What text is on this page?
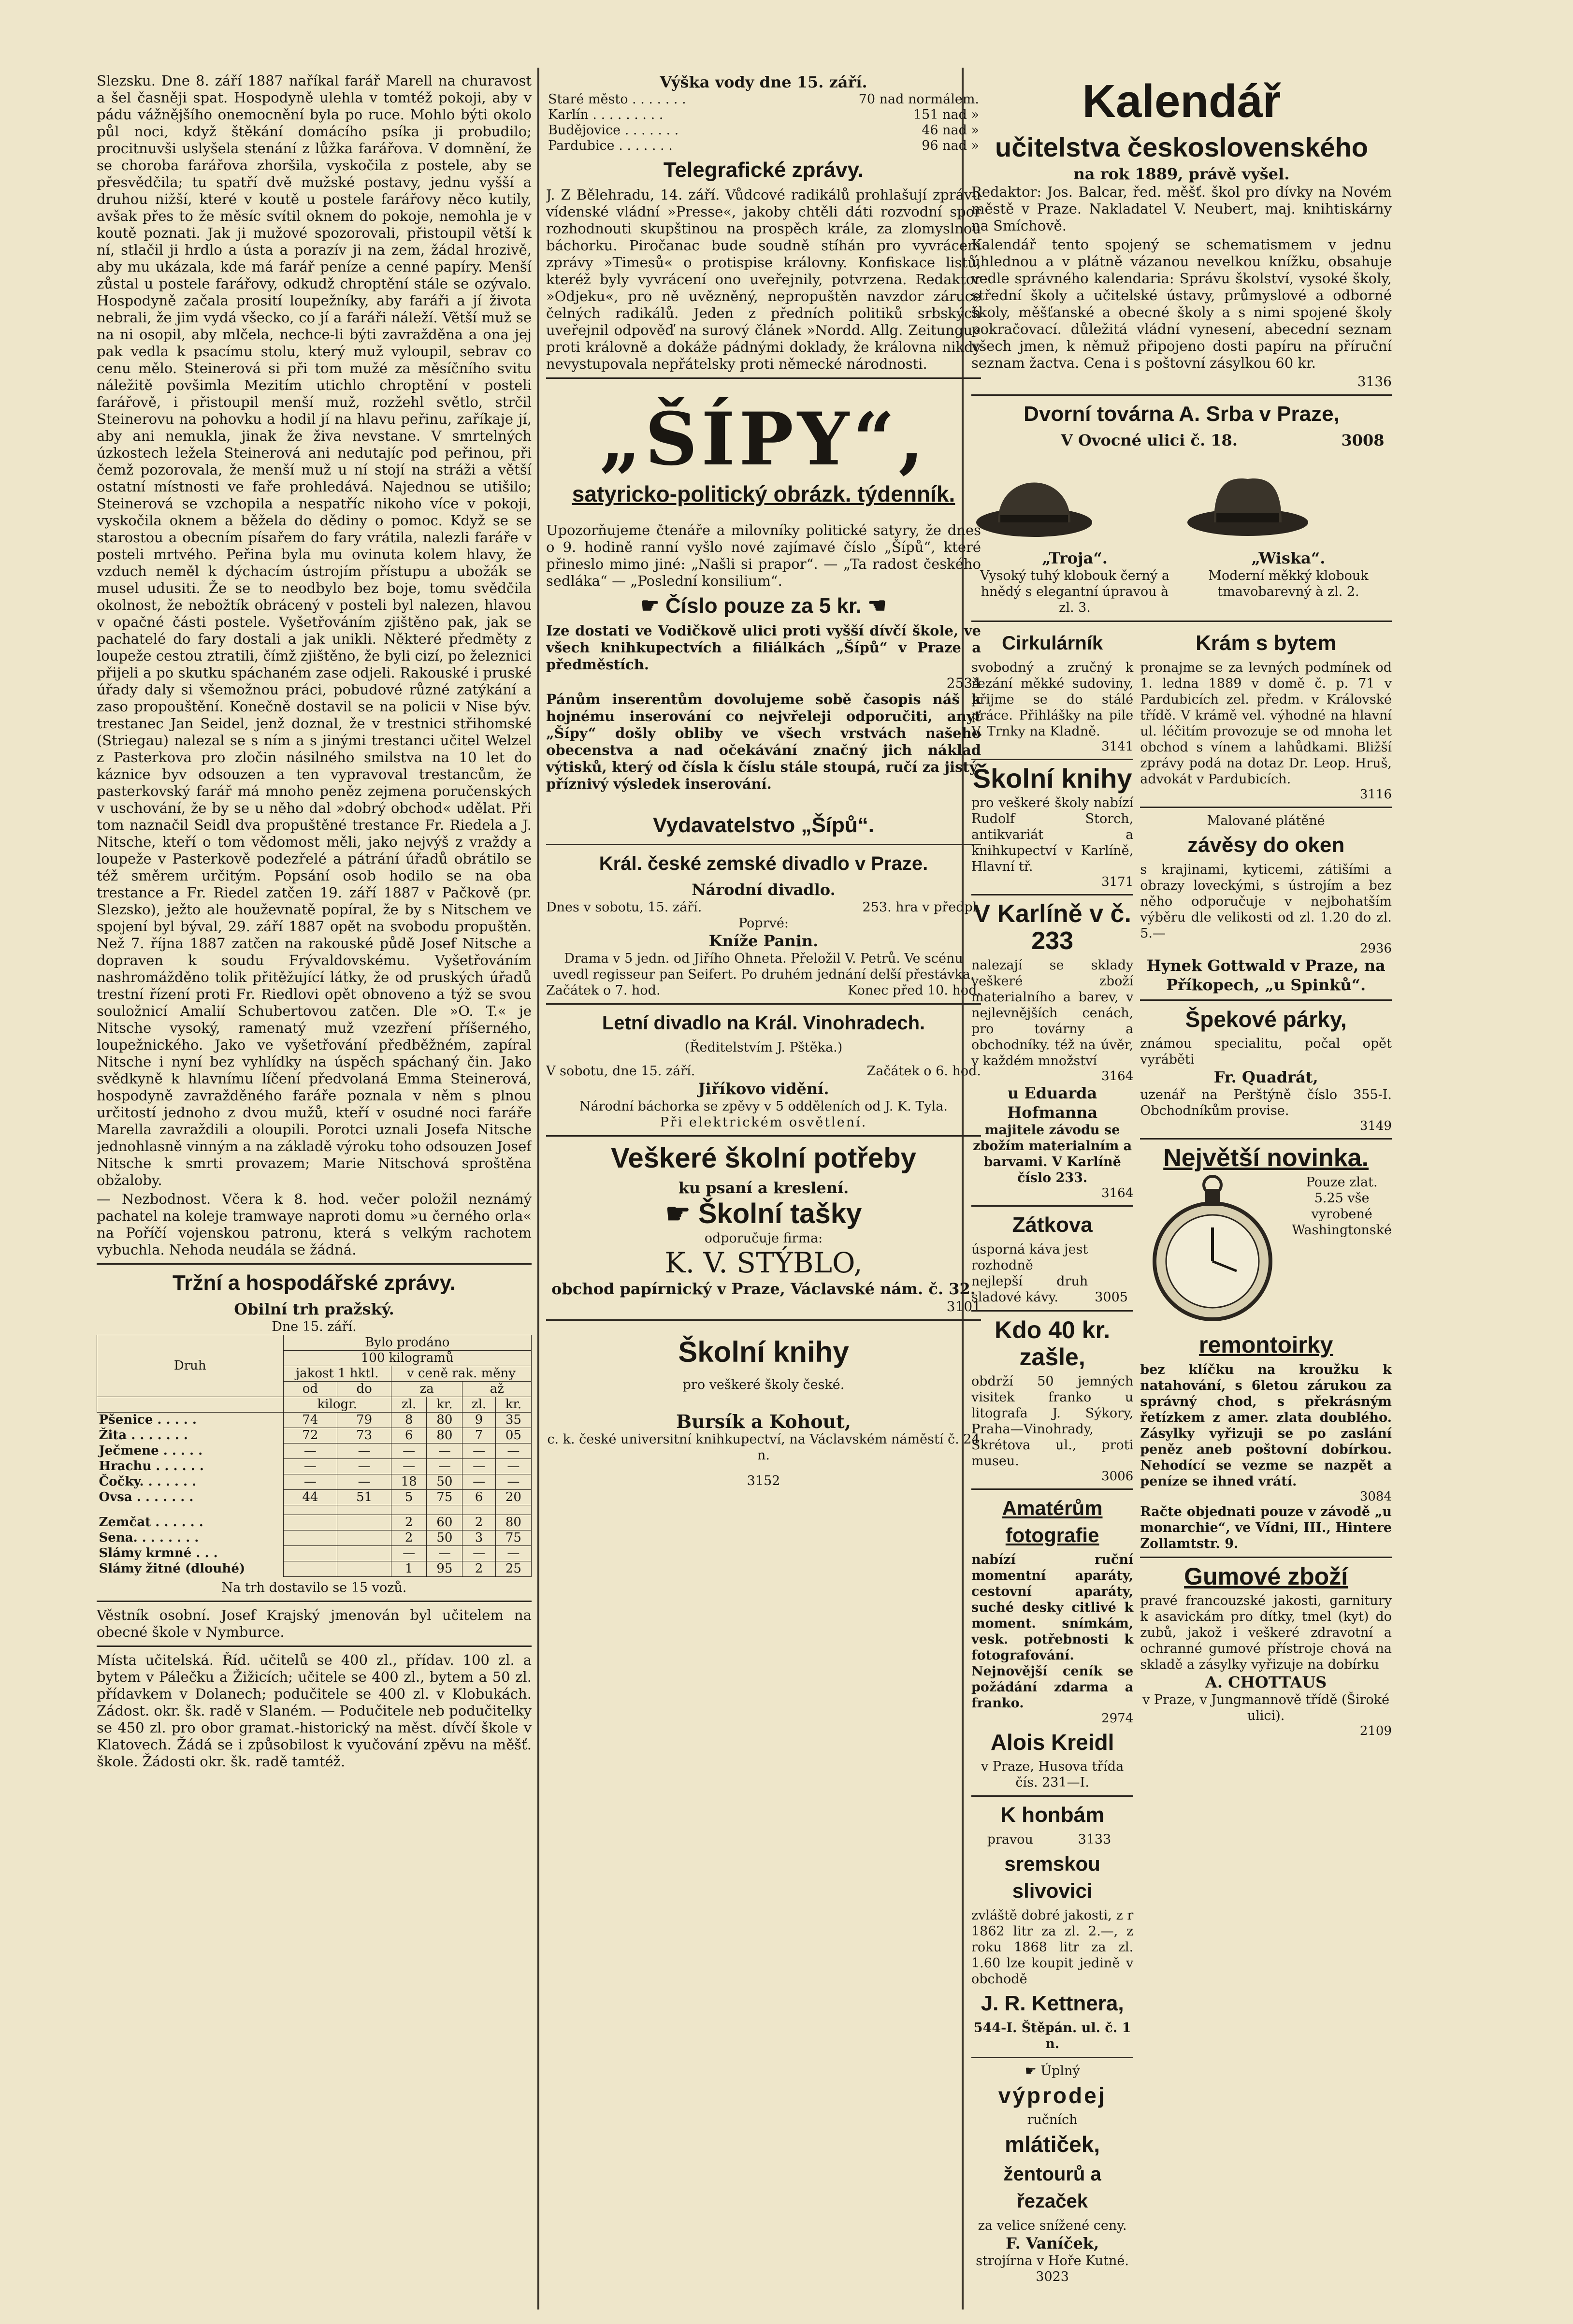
Slezsku. Dne 8. září 1887 naříkal farář Marell na churavost a šel časněji spat. Hospodyně ulehla v tomtéž pokoji, aby v pádu vážnějšího onemocnění byla po ruce. Mohlo býti okolo půl noci, když štěkání domácího psíka ji probudilo; procitnuvši uslyšela stenání z lůžka farářova. V domnění, že se choroba farářova zhoršila, vyskočila z postele, aby se přesvědčila; tu spatří dvě mužské postavy, jednu vyšší a druhou nižší, které v koutě u postele farářovy něco kutily, avšak přes to že měsíc svítil oknem do pokoje, nemohla je v koutě poznati. Jak ji mužové spozorovali, přistoupil větší k ní, stlačil ji hrdlo a ústa a porazív ji na zem, žádal hrozivě, aby mu ukázala, kde má farář peníze a cenné papíry. Menší zůstal u postele farářovy, odkudž chroptění stále se ozývalo. Hospodyně začala prosití loupežníky, aby faráři a jí života nebrali, že jim vydá všecko, co jí a faráři náleží. Větší muž se na ni osopil, aby mlčela, nechce-li býti zavražděna a ona jej pak vedla k psacímu stolu, který muž vyloupil, sebrav co cenu mělo. Steinerová si při tom mužé za měsíčního svitu náležitě povšimla Mezitím utichlo chroptění v posteli farářově, i přistoupil menší muž, rozžehl světlo, strčil Steinerovu na pohovku a hodil jí na hlavu peřinu, zaříkaje jí, aby ani nemukla, jinak že živa nevstane. V smrtelných úzkostech ležela Steinerová ani nedutajíc pod peřinou, při čemž pozorovala, že menší muž u ní stojí na stráži a větší ostatní místnosti ve faře prohledává. Najednou se utišilo; Steinerová se vzchopila a nespatříc nikoho více v pokoji, vyskočila oknem a běžela do dědiny o pomoc. Když se se starostou a obecním písařem do fary vrátila, nalezli faráře v posteli mrtvého. Peřina byla mu ovinuta kolem hlavy, že vzduch neměl k dýchacím ústrojím přístupu a ubožák se musel udusiti. Že se to neodbylo bez boje, tomu svědčila okolnost, že nebožtík obrácený v posteli byl nalezen, hlavou v opačné části postele. Vyšetřováním zjištěno pak, jak se pachatelé do fary dostali a jak unikli. Některé předměty z loupeže cestou ztratili, čímž zjištěno, že byli cizí, po železnici přijeli a po skutku spáchaném zase odjeli. Rakouské i pruské úřady daly si všemožnou práci, pobudové různé zatýkání a zaso propouštění. Konečně dostavil se na policii v Nise býv. trestanec Jan Seidel, jenž doznal, že v trestnici střihomské (Striegau) nalezal se s ním a s jinými trestanci učitel Welzel z Pasterkova pro zločin násilného smilstva na 10 let do káznice byv odsouzen a ten vypravoval trestancům, že pasterkovský farář má mnoho peněz zejmena poručenských v uschování, že by se u něho dal »dobrý obchod« udělat. Při tom naznačil Seidl dva propuštěné trestance Fr. Riedela a J. Nitsche, kteří o tom vědomost měli, jako nejvýš z vraždy a loupeže v Pasterkově podezřelé a pátrání úřadů obrátilo se též směrem určitým. Popsání osob hodilo se na oba trestance a Fr. Riedel zatčen 19. září 1887 v Pačkově (pr. Slezsko), ježto ale houževnatě popíral, že by s Nitschem ve spojení byl býval, 29. září 1887 opět na svobodu propuštěn. Než 7. října 1887 zatčen na rakouské půdě Josef Nitsche a dopraven k soudu Frývaldovskému. Vyšetřováním nashromážděno tolik přitěžující látky, že od pruských úřadů trestní řízení proti Fr. Riedlovi opět obnoveno a týž se svou souložnicí Amalií Schubertovou zatčen. Dle »O. T.« je Nitsche vysoký, ramenatý muž vzezření příšerného, loupežnického. Jako ve vyšetřování předběžném, zapíral Nitsche i nyní bez vyhlídky na úspěch spáchaný čin. Jako svědkyně k hlavnímu líčení předvolaná Emma Steinerová, hospodyně zavražděného faráře poznala v něm s plnou určitostí jednoho z dvou mužů, kteří v osudné noci faráře Marella zavraždili a oloupili. Porotci uznali Josefa Nitsche jednohlasně vinným a na základě výroku toho odsouzen Josef Nitsche k smrti provazem; Marie Nitschová sproštěna obžaloby.

— Nezbodnost. Včera k 8. hod. večer položil neznámý pachatel na koleje tramwaye naproti domu »u černého orla« na Poříčí vojenskou patronu, která s velkým rachotem vybuchla. Nehoda neudála se žádná.

Tržní a hospodářské zprávy.
Obilní trh pražský.
Dne 15. září.
Druh	Bylo prodáno					
	100 kilogramů					
	jakost 1 hktl.		v ceně rak. měny			
	od	do	za		až	
	kilogr.		zl.	kr.	zl.	kr.
Pšenice . . . . .	74	79	8	80	9	35
Žita . . . . . . .	72	73	6	80	7	05
Ječmene . . . . .	—	—	—	—	—	—
Hrachu . . . . . .	—	—	—	—	—	—
Čočky. . . . . . .	—	—	18	50	—	—
Ovsa . . . . . . .	44	51	5	75	6	20

Zemčat . . . . . .			2	60	2	80
Sena. . . . . . . .			2	50	3	75
Slámy krmné . . .			—	—	—	—
Slámy žitné (dlouhé)			1	95	2	25
Na trh dostavilo se 15 vozů.

Věstník osobní. Josef Krajský jmenován byl učitelem na obecné škole v Nymburce.

Místa učitelská. Říd. učitelů se 400 zl., přídav. 100 zl. a bytem v Pálečku a Žižicích; učitele se 400 zl., bytem a 50 zl. přídavkem v Dolanech; podučitele se 400 zl. v Klobukách. Zádost. okr. šk. radě v Slaném. — Podučitele neb podučitelky se 450 zl. pro obor gramat.-historický na měst. dívčí škole v Klatovech. Žádá se i způsobilost k vyučování zpěvu na měšť. škole. Žádosti okr. šk. radě tamtéž.

Výška vody dne 15. září.
Staré město . . . . . . .	70 nad normálem.
Karlín . . . . . . . . .	151 nad »
Budějovice . . . . . . .	46 nad »
Pardubice . . . . . . .	96 nad »
Telegrafické zprávy.

J. Z Bělehradu, 14. září. Vůdcové radikálů prohlašují zprávu vídenské vládní »Presse«, jakoby chtěli dáti rozvodní spor rozhodnouti skupštinou na prospěch krále, za zlomyslnou báchorku. Piročanac bude soudně stíhán pro vyvrácení zprávy »Timesů« o protispise královny. Konfiskace listů, kteréž byly vyvrácení ono uveřejnily, potvrzena. Redaktor »Odjeku«, pro ně uvězněný, nepropuštěn navzdor záruce čelných radikálů. Jeden z předních politiků srbských uveřejnil odpověď na surový článek »Nordd. Allg. Zeitungu« proti královně a dokáže pádnými doklady, že královna nikdy nevystupovala nepřátelsky proti německé národnosti.

„ŠÍPY“,
satyricko-politický obrázk. týdenník.

Upozorňujeme čtenáře a milovníky politické satyry, že dnes o 9. hodině ranní vyšlo nové zajímavé číslo „Šípů“, které přineslo mimo jiné: „Našli si prapor“. — „Ta radost českého sedláka“ — „Poslední konsilium“.

☛ Číslo pouze za 5 kr. ☚

Ize dostati ve Vodičkově ulici proti vyšší dívčí škole, ve všech knihkupectvích a filiálkách „Šípů“ v Praze a předměstích.

2534

Pánům inserentům dovolujeme sobě časopis náš k hojnému inserování co nejvřeleji odporučiti, anyť „Šípy“ došly obliby ve všech vrstvách našeho obecenstva a nad očekávání značný jich náklad výtisků, který od čísla k číslu stále stoupá, ručí za jistý, příznivý výsledek inserování.

Vydavatelstvo „Šípů“.
Král. české zemské divadlo v Praze.
Národní divadlo.
Dnes v sobotu, 15. září.	253. hra v předpl.
Poprvé:
Kníže Panin.
Drama v 5 jedn. od Jiřího Ohneta. Přeložil V. Petrů. Ve scénu uvedl regisseur pan Seifert. Po druhém jednání delší přestávka.
Začátek o 7. hod.	Konec před 10. hod.
Letní divadlo na Král. Vinohradech.
(Ředitelstvím J. Pštěka.)
V sobotu, dne 15. září.	Začátek o 6. hod.
Jiříkovo vidění.
Národní báchorka se zpěvy v 5 odděleních od J. K. Tyla.
Při elektrickém osvětlení.
Veškeré školní potřeby
ku psaní a kreslení.
☛ Školní tašky
odporučuje firma:
K. V. STÝBLO,
obchod papírnický v Praze, Václavské nám. č. 32.
3101
Školní knihy
pro veškeré školy české.
Bursík a Kohout,
c. k. české universitní knihkupectví, na Václavském náměstí č. 24 n.
3152
Kalendář
učitelstva československého
na rok 1889, právě vyšel.

Redaktor: Jos. Balcar, řed. měšť. škol pro dívky na Novém městě v Praze. Nakladatel V. Neubert, maj. knihtiskárny na Smíchově.

Kalendář tento spojený se schematismem v jednu úhlednou a v plátně vázanou nevelkou knížku, obsahuje vedle správného kalendaria: Správu školství, vysoké školy, střední školy a učitelské ústavy, průmyslové a odborné školy, měšťanské a obecné školy a s nimi spojené školy pokračovací. důležitá vládní vynesení, abecední seznam všech jmen, k němuž připojeno dosti papíru na příruční seznam žactva. Cena i s poštovní zásylkou 60 kr.

3136
Dvorní továrna A. Srba v Praze,
V Ovocné ulici č. 18.	3008
„Troja“.
Vysoký tuhý klobouk černý a hnědý s elegantní úpravou à zl. 3.
„Wiska“.
Moderní měkký klobouk tmavobarevný à zl. 2.
Cirkulárník

svobodný a zručný k řezání měkké sudoviny, přijme se do stálé práce. Přihlášky na pile V. Trnky na Kladně.

3141
Školní knihy

pro veškeré školy nabízí Rudolf Storch, antikvariát a knihkupectví v Karlíně, Hlavní tř.

3171
V Karlíně v č. 233

nalezají se sklady veškeré zboží materialního a barev, v nejlevnějších cenách, pro továrny a obchodníky. též na úvěr, v každém množství

3164
u Eduarda Hofmanna
majitele závodu se zbožím materialním a barvami. V Karlíně číslo 233.
3164
Zátkova
úsporná káva jest rozhodně nejlepší druh sladové kávy.	3005
Kdo 40 kr. zašle,

obdrží 50 jemných visitek franko u litografa J. Sýkory, Praha—Vinohrady, Skrétova ul., proti museu.

3006
Amatérům fotografie

nabízí ruční momentní aparáty, cestovní aparáty, suché desky citlivé k moment. snímkám, vesk. potřebnosti k fotografování. Nejnovější ceník se požádání zdarma a franko.

2974
Alois Kreidl
v Praze, Husova třída čís. 231—I.
K honbám
pravou	3133
sremskou slivovici

zvláště dobré jakosti, z r 1862 litr za zl. 2.—, z roku 1868 litr za zl. 1.60 lze koupit jedině v obchodě

J. R. Kettnera,
544-I. Štěpán. ul. č. 1 n.
☛ Úplný
výprodej
ručních
mlátiček,
žentourů a řezaček
za velice snížené ceny.
F. Vaníček,
strojírna v Hoře Kutné.
3023
Krám s bytem

pronajme se za levných podmínek od 1. ledna 1889 v domě č. p. 71 v Pardubicích zel. předm. v Královské třídě. V krámě vel. výhodné na hlavní ul. léčitím provozuje se od mnoha let obchod s vínem a lahůdkami. Bližší zprávy podá na dotaz Dr. Leop. Hruš, advokát v Pardubicích.

3116
Malované plátěné
závěsy do oken

s krajinami, kyticemi, zátišími a obrazy loveckými, s ústrojím a bez něho odporučuje v nejbohatším výběru dle velikosti od zl. 1.20 do zl. 5.—

2936
Hynek Gottwald v Praze, na Příkopech, „u Spinků“.
Špekové párky,

známou specialitu, počal opět vyráběti

Fr. Quadrát,

uzenář na Perštýně číslo 355-I. Obchodníkům provise.

3149
Největší novinka.
Pouze zlat. 5.25 vše vyrobené Washingtonské
remontoirky

bez klíčku na kroužku k natahování, s 6letou zárukou za správný chod, s překrásným řetízkem z amer. zlata doublého. Zásylky vyřizuji se po zaslání peněz aneb poštovní dobírkou. Nehodící se vezme se nazpět a peníze se ihned vrátí.

3084

Račte objednati pouze v závodě „u monarchie“, ve Vídni, III., Hintere Zollamtstr. 9.

Gumové zboží

pravé francouzské jakosti, garnitury k asavickám pro dítky, tmel (kyt) do zubů, jakož i veškeré zdravotní a ochranné gumové přístroje chová na skladě a zásylky vyřizuje na dobírku

A. CHOTTAUS
v Praze, v Jungmannově třídě (Široké ulici).
2109
